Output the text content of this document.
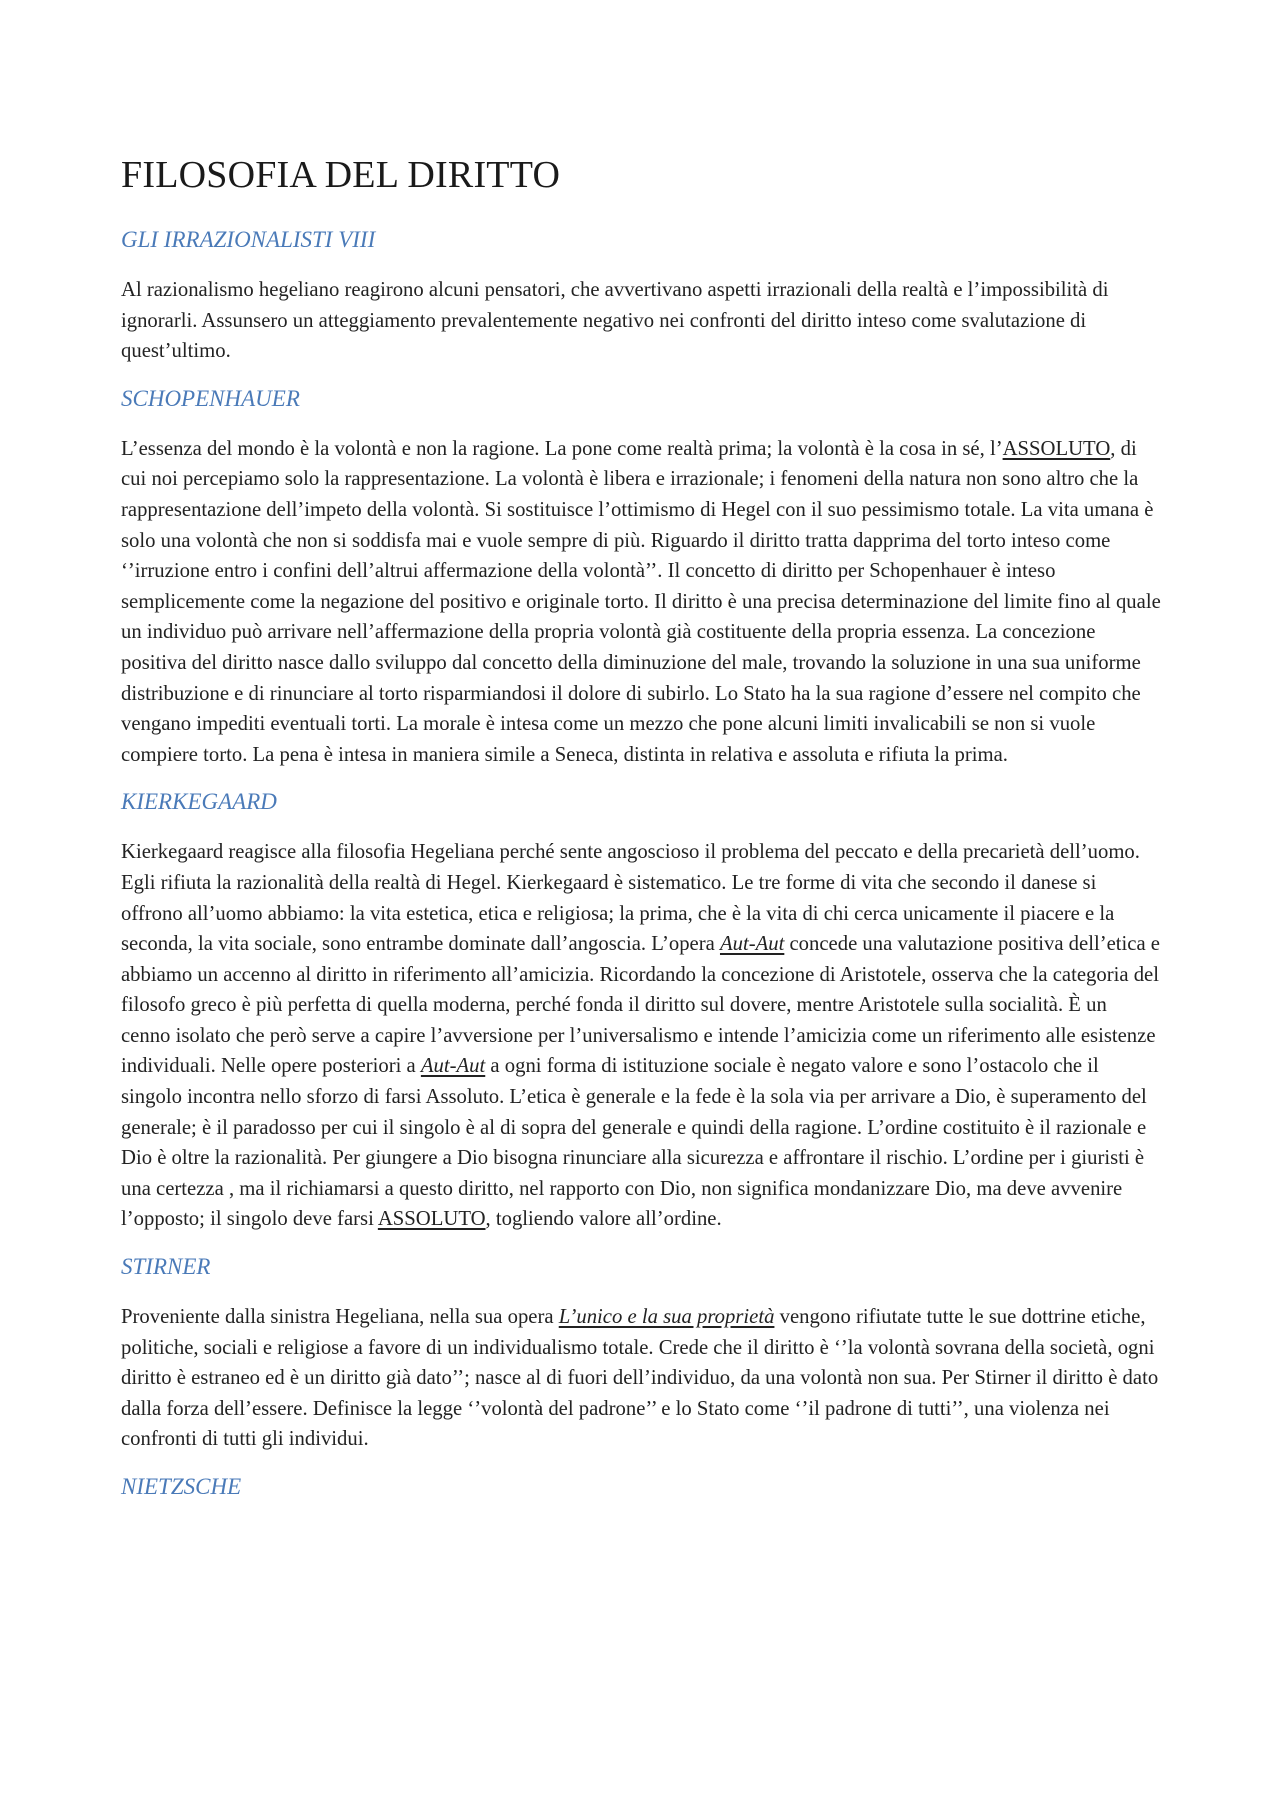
FILOSOFIA DEL DIRITTO
GLI IRRAZIONALISTI VIII

Al razionalismo hegeliano reagirono alcuni pensatori, che avvertivano aspetti irrazionali della realtà e l’impossibilità di ignorarli. Assunsero un atteggiamento prevalentemente negativo nei confronti del diritto inteso come svalutazione di quest’ultimo.

SCHOPENHAUER

L’essenza del mondo è la volontà e non la ragione. La pone come realtà prima; la volontà è la cosa in sé, l’ASSOLUTO, di cui noi percepiamo solo la rappresentazione. La volontà è libera e irrazionale; i fenomeni della natura non sono altro che la rappresentazione dell’impeto della volontà. Si sostituisce l’ottimismo di Hegel con il suo pessimismo totale. La vita umana è solo una volontà che non si soddisfa mai e vuole sempre di più. Riguardo il diritto tratta dapprima del torto inteso come ‘’irruzione entro i confini dell’altrui affermazione della volontà’’. Il concetto di diritto per Schopenhauer è inteso semplicemente come la negazione del positivo e originale torto. Il diritto è una precisa determinazione del limite fino al quale un individuo può arrivare nell’affermazione della propria volontà già costituente della propria essenza. La concezione positiva del diritto nasce dallo sviluppo dal concetto della diminuzione del male, trovando la soluzione in una sua uniforme distribuzione e di rinunciare al torto risparmiandosi il dolore di subirlo. Lo Stato ha la sua ragione d’essere nel compito che vengano impediti eventuali torti. La morale è intesa come un mezzo che pone alcuni limiti invalicabili se non si vuole compiere torto. La pena è intesa in maniera simile a Seneca, distinta in relativa e assoluta e rifiuta la prima.

KIERKEGAARD

Kierkegaard reagisce alla filosofia Hegeliana perché sente angoscioso il problema del peccato e della precarietà dell’uomo. Egli rifiuta la razionalità della realtà di Hegel. Kierkegaard è sistematico. Le tre forme di vita che secondo il danese si offrono all’uomo abbiamo: la vita estetica, etica e religiosa; la prima, che è la vita di chi cerca unicamente il piacere e la seconda, la vita sociale, sono entrambe dominate dall’angoscia. L’opera Aut-Aut concede una valutazione positiva dell’etica e abbiamo un accenno al diritto in riferimento all’amicizia. Ricordando la concezione di Aristotele, osserva che la categoria del filosofo greco è più perfetta di quella moderna, perché fonda il diritto sul dovere, mentre Aristotele sulla socialità. È un cenno isolato che però serve a capire l’avversione per l’universalismo e intende l’amicizia come un riferimento alle esistenze individuali. Nelle opere posteriori a Aut-Aut a ogni forma di istituzione sociale è negato valore e sono l’ostacolo che il singolo incontra nello sforzo di farsi Assoluto. L’etica è generale e la fede è la sola via per arrivare a Dio, è superamento del generale; è il paradosso per cui il singolo è al di sopra del generale e quindi della ragione. L’ordine costituito è il razionale e Dio è oltre la razionalità. Per giungere a Dio bisogna rinunciare alla sicurezza e affrontare il rischio. L’ordine per i giuristi è una certezza , ma il richiamarsi a questo diritto, nel rapporto con Dio, non significa mondanizzare Dio, ma deve avvenire l’opposto; il singolo deve farsi ASSOLUTO, togliendo valore all’ordine.

STIRNER

Proveniente dalla sinistra Hegeliana, nella sua opera L’unico e la sua proprietà vengono rifiutate tutte le sue dottrine etiche, politiche, sociali e religiose a favore di un individualismo totale. Crede che il diritto è ‘’la volontà sovrana della società, ogni diritto è estraneo ed è un diritto già dato’’; nasce al di fuori dell’individuo, da una volontà non sua. Per Stirner il diritto è dato dalla forza dell’essere. Definisce la legge ‘’volontà del padrone’’ e lo Stato come ‘’il padrone di tutti’’, una violenza nei confronti di tutti gli individui.

NIETZSCHE
